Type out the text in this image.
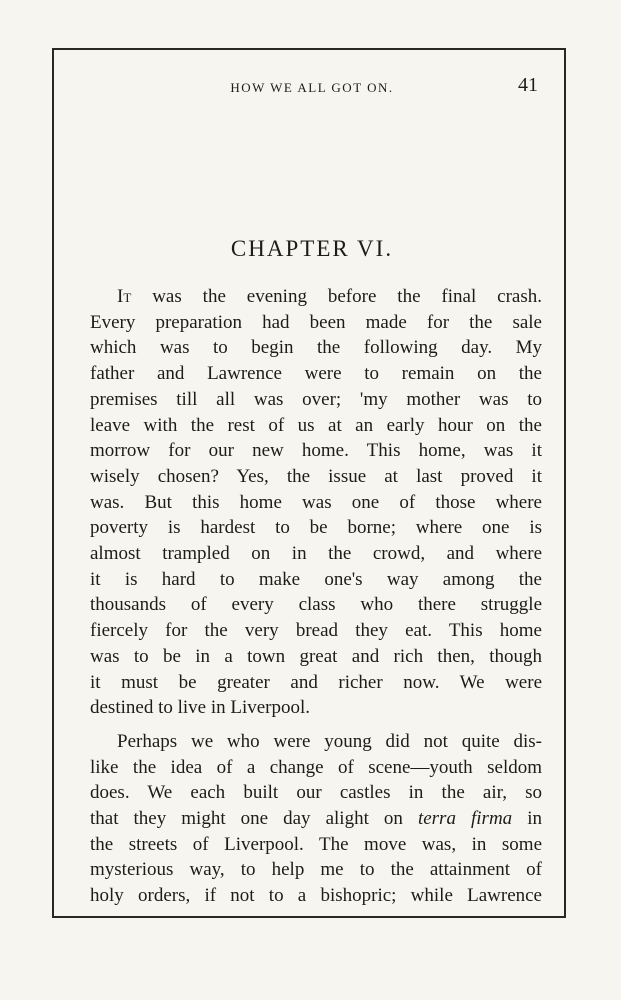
HOW WE ALL GOT ON.	41
CHAPTER VI.

It was the evening before the final crash.
Every preparation had been made for the sale
which was to begin the following day. My
father and Lawrence were to remain on the
premises till all was over; 'my mother was to
leave with the rest of us at an early hour on the
morrow for our new home. This home, was it
wisely chosen? Yes, the issue at last proved it
was. But this home was one of those where
poverty is hardest to be borne; where one is
almost trampled on in the crowd, and where
it is hard to make one's way among the
thousands of every class who there struggle
fiercely for the very bread they eat. This home
was to be in a town great and rich then, though
it must be greater and richer now. We were
destined to live in Liverpool.

Perhaps we who were young did not quite dis-
like the idea of a change of scene—youth seldom
does. We each built our castles in the air, so
that they might one day alight on terra firma in
the streets of Liverpool. The move was, in some
mysterious way, to help me to the attainment of
holy orders, if not to a bishopric; while Lawrence
